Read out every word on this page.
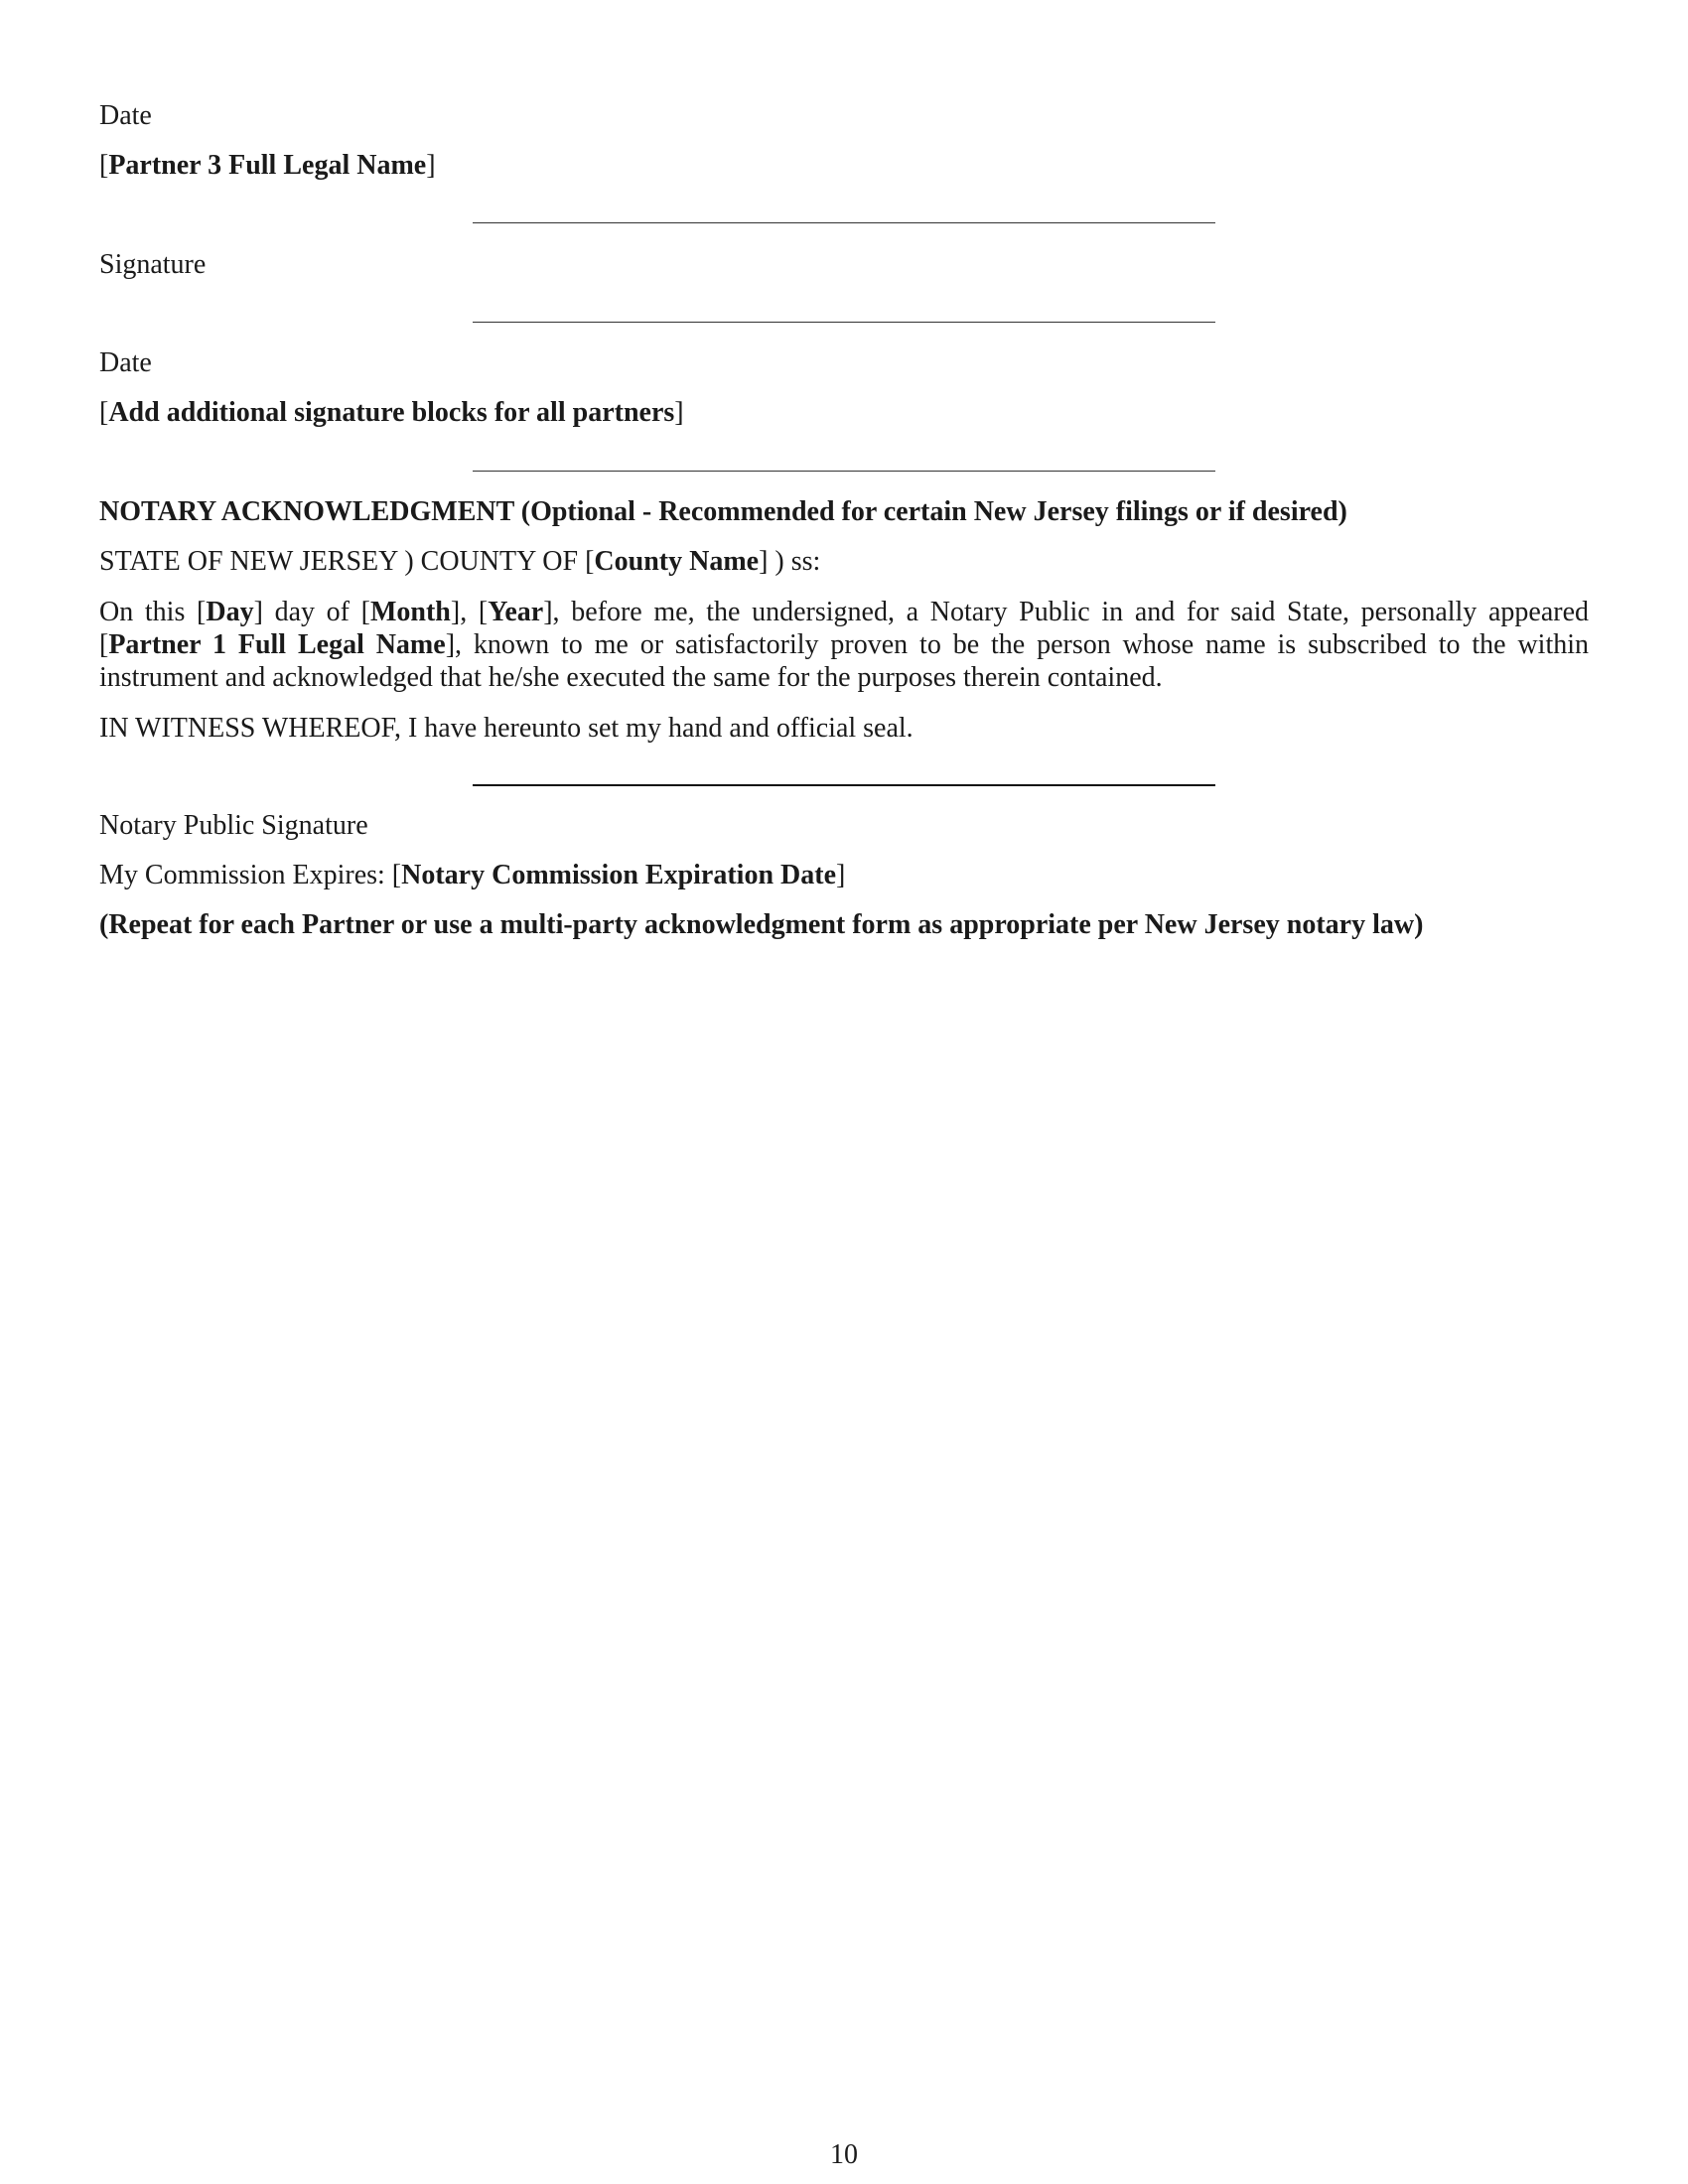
Date

[Partner 3 Full Legal Name]

Signature

Date

[Add additional signature blocks for all partners]

NOTARY ACKNOWLEDGMENT (Optional - Recommended for certain New Jersey filings or if desired)

STATE OF NEW JERSEY ) COUNTY OF [County Name] ) ss:

On this [Day] day of [Month], [Year], before me, the undersigned, a Notary Public in and for said State, personally appeared [Partner 1 Full Legal Name], known to me or satisfactorily proven to be the person whose name is subscribed to the within instrument and acknowledged that he/she executed the same for the purposes therein contained.

IN WITNESS WHEREOF, I have hereunto set my hand and official seal.

Notary Public Signature

My Commission Expires: [Notary Commission Expiration Date]

(Repeat for each Partner or use a multi-party acknowledgment form as appropriate per New Jersey notary law)

10
